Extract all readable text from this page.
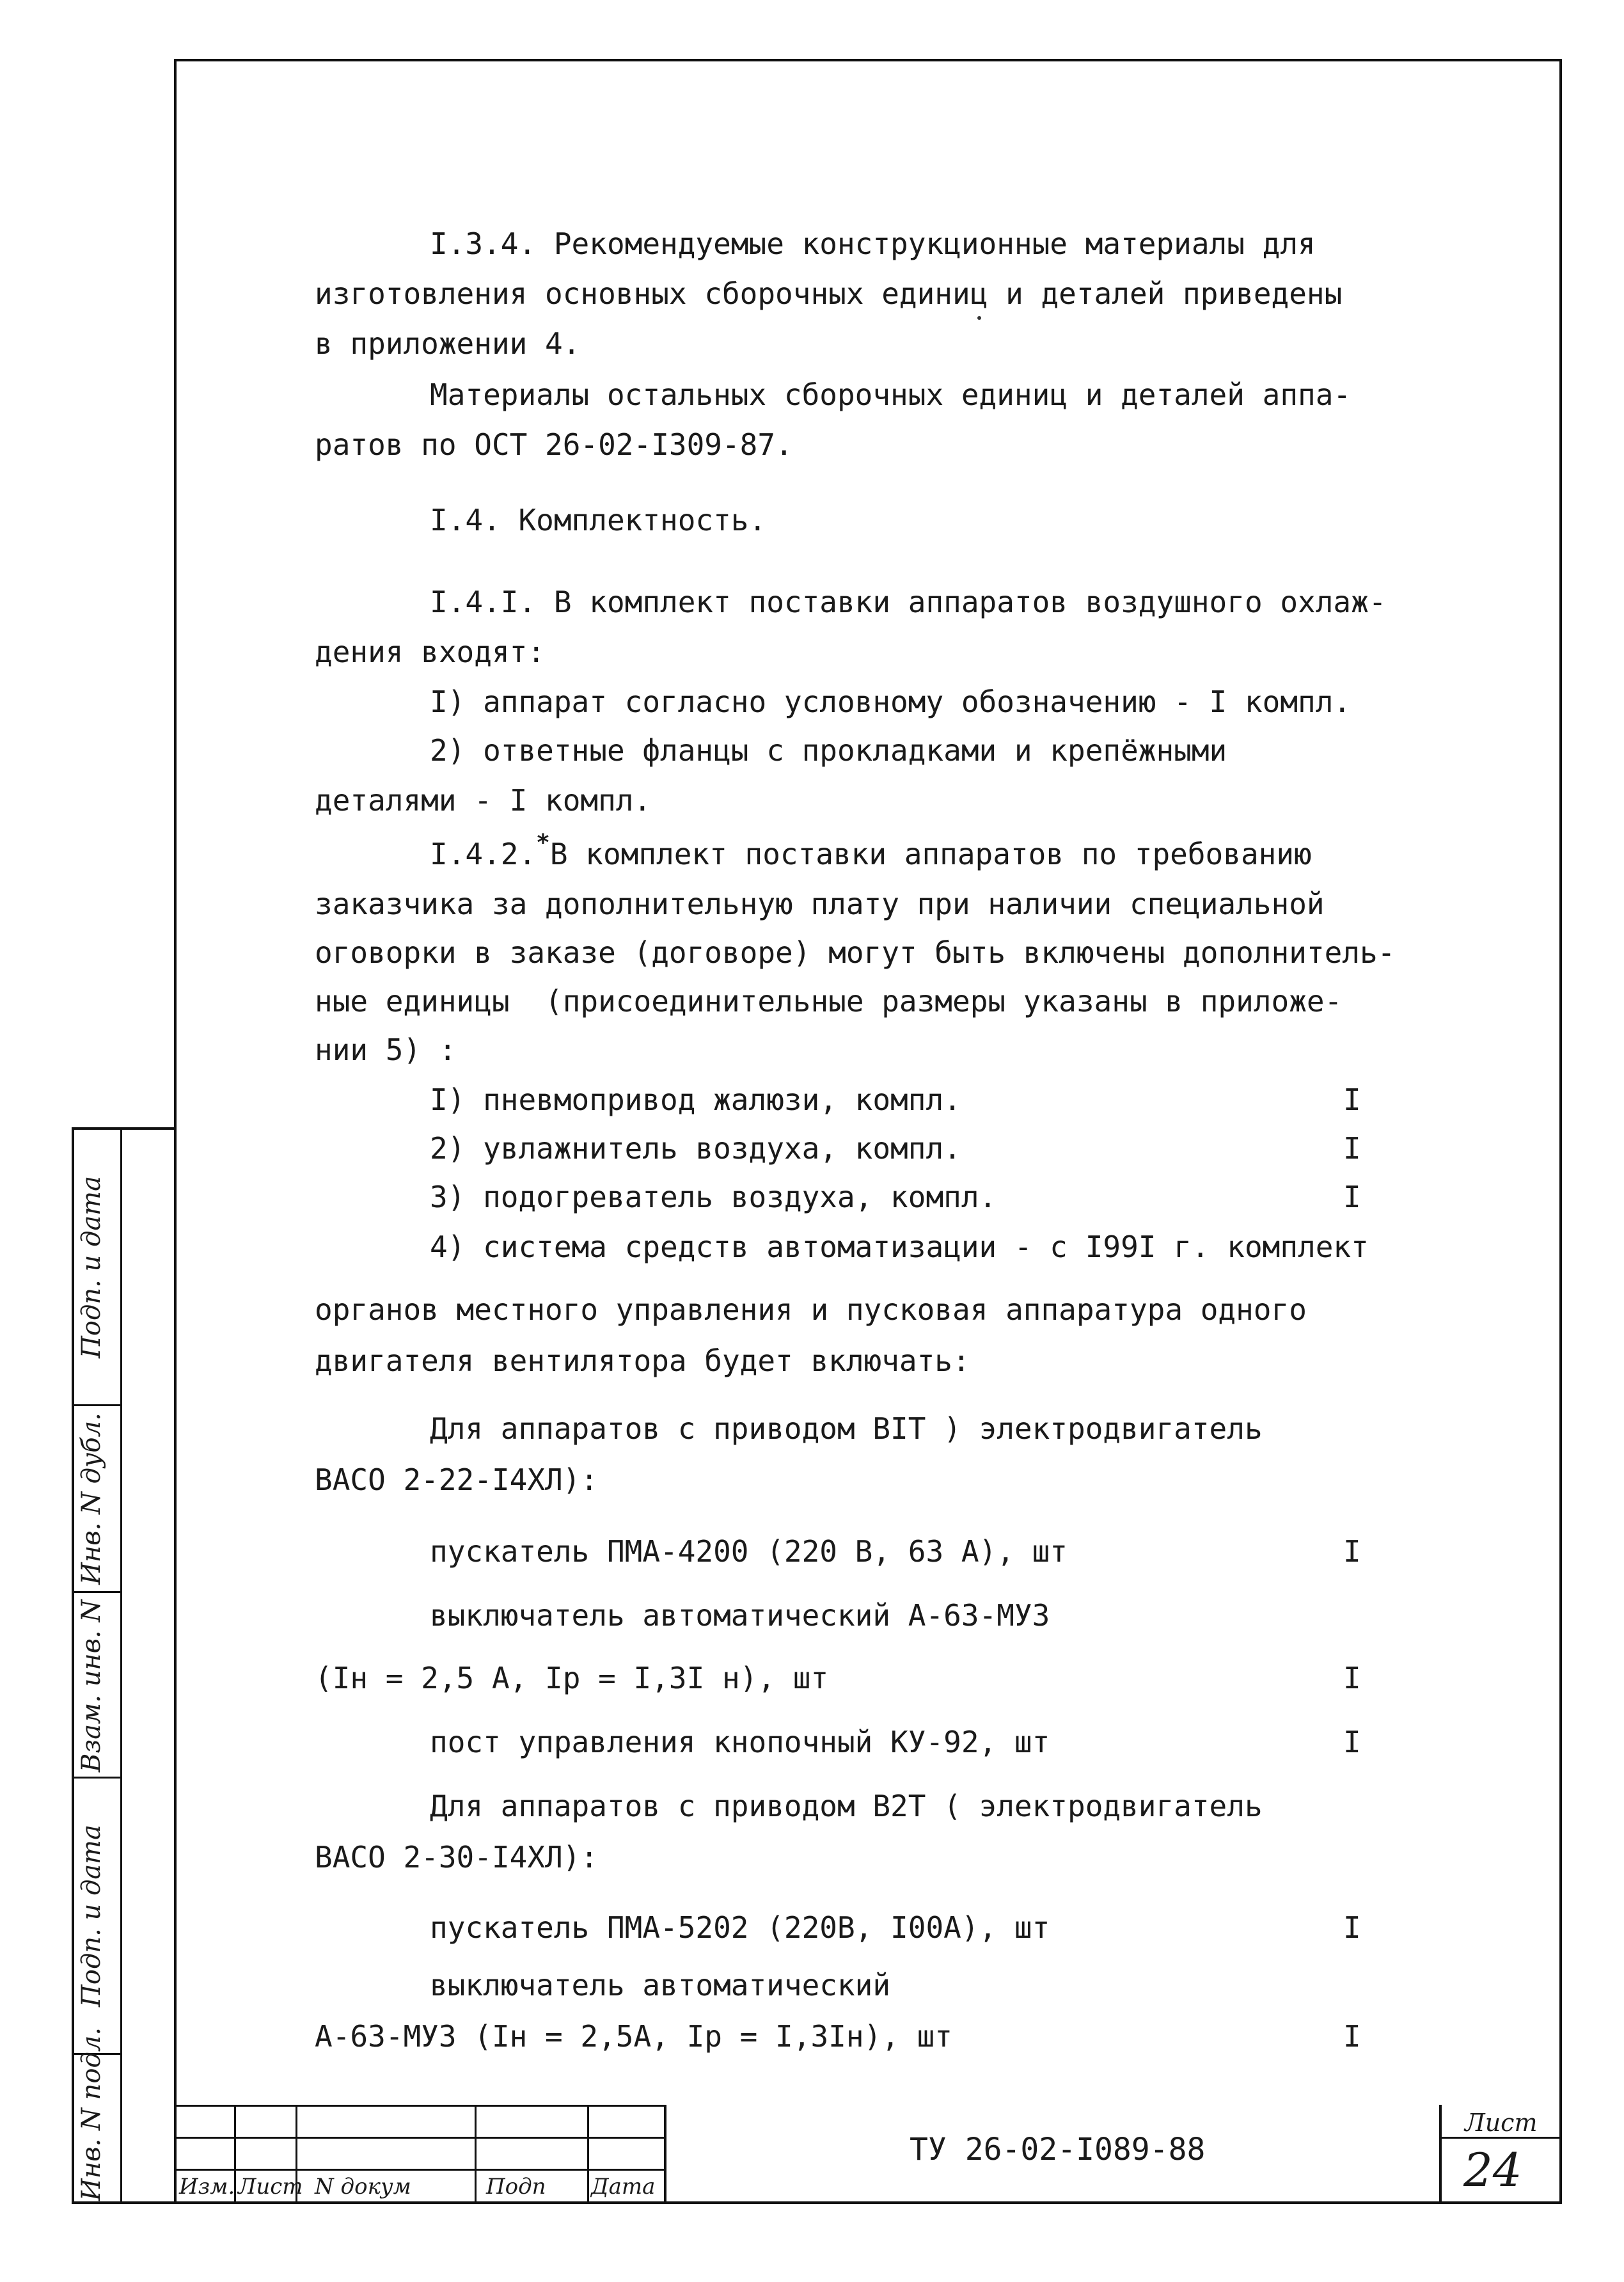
I.3.4. Рекомендуемые конструкционные материалы для
изготовления основных сборочных единиц и деталей приведены
в приложении 4.
Материалы остальных сборочных единиц и деталей аппа-
ратов по ОСТ 26-02-I309-87.
I.4. Комплектность.
I.4.I. В комплект поставки аппаратов воздушного охлаж-
дения входят:
I) аппарат согласно условному обозначению - I компл.
2) ответные фланцы с прокладками и крепёжными
деталями - I компл.
I.4.2.*В комплект поставки аппаратов по требованию
заказчика за дополнительную плату при наличии специальной
оговорки в заказе (договоре) могут быть включены дополнитель-
ные единицы  (присоединительные размеры указаны в приложе-
нии 5) :
I) пневмопривод жалюзи, компл.	I
2) увлажнитель воздуха, компл.	I
3) подогреватель воздуха, компл.	I
4) система средств автоматизации - с I99I г. комплект
органов местного управления и пусковая аппаратура одного
двигателя вентилятора будет включать:
Для аппаратов с приводом BIT ) электродвигатель
BACO 2-22-I4ХЛ):
пускатель ПМА-4200 (220 В, 63 А), шт	I
выключатель автоматический А-63-МУЗ
(Iн = 2,5 А, Iр = I,3I н), шт	I
пост управления кнопочный КУ-92, шт	I
Для аппаратов с приводом B2T ( электродвигатель
BACO 2-30-I4ХЛ):
пускатель ПМА-5202 (220В, I00А), шт	I
выключатель автоматический
А-63-МУЗ (Iн = 2,5А, Iр = I,3Iн), шт	I
Подп. и дата
Инв. N дубл.
Взам. инв. N
Подп. и дата
Инв. N подл.	Изм. Лист N докум	Подп Дата
ТУ 26-02-I089-88
Лист
24
